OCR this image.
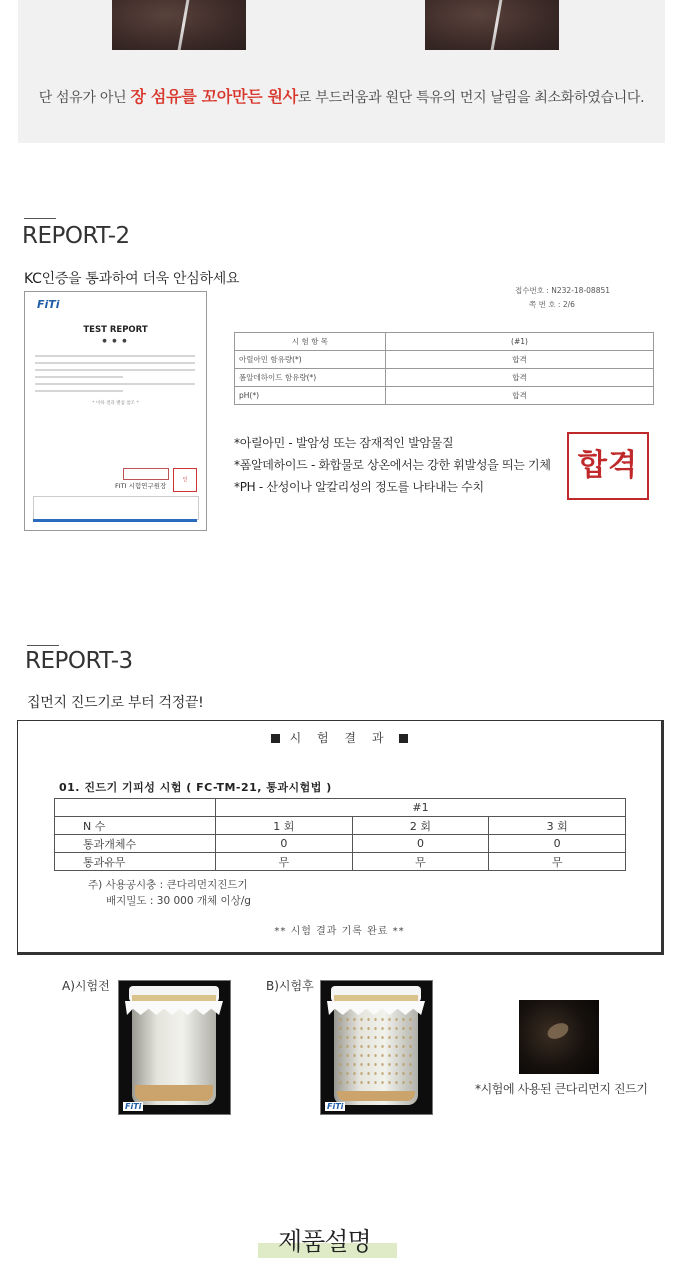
단 섬유가 아닌 장 섬유를 꼬아만든 원사로 부드러움과 원단 특유의 먼지 날림을 최소화하였습니다.
REPORT-2
KC인증을 통과하여 더욱 안심하세요
FiTi
TEST REPORT
● ● ●
* 이하 결과 별첨 참조 *
FITI 시험연구원장
인
접수번호 : N232-18-08851
쪽 번 호 : 2/6
시 험 항 목	(#1)
아릴아민 함유량(*)	합격
폼알데하이드 함유량(*)	합격
pH(*)	합격
*아릴아민 - 발암성 또는 잠재적인 발암물질
*폼알데하이드 - 화합물로 상온에서는 강한 휘발성을 띄는 기체
*PH - 산성이나 알칼리성의 정도를 나타내는 수치
합격
REPORT-3
집먼지 진드기로 부터 걱정끝!
시 험 결 과
01. 진드기 기피성 시험 ( FC-TM-21, 통과시험법 )
	#1		
N 수	1 회	2 회	3 회
통과개체수	0	0	0
통과유무	무	무	무
주) 사용공시충 : 큰다리먼지진드기
배지밀도 : 30 000 개체 이상/g
** 시험 결과 기록 완료 **
A)시험전
FiTi
B)시험후
FiTi
*시험에 사용된 큰다리먼지 진드기
제품설명
